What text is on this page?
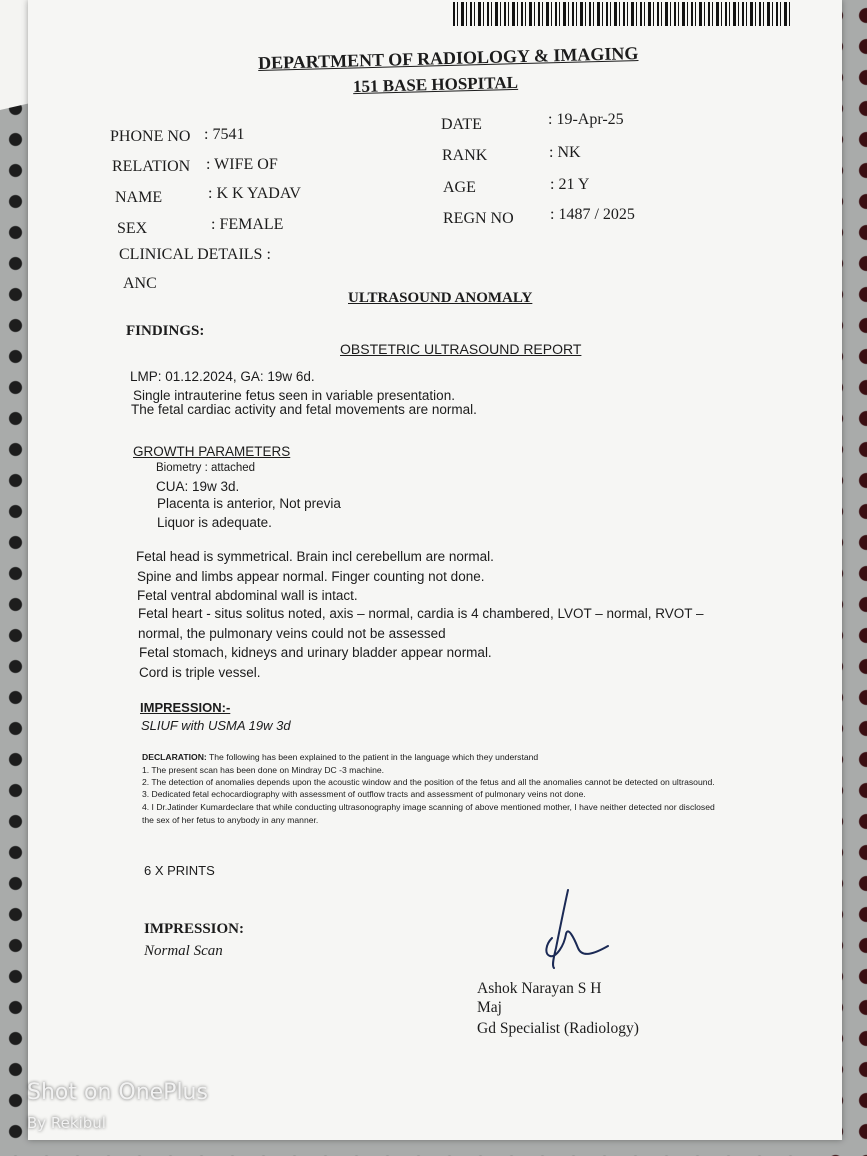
DEPARTMENT OF RADIOLOGY & IMAGING
151 BASE HOSPITAL
PHONE NO : 7541
RELATION : WIFE OF
NAME	: K K YADAV
SEX	: FEMALE
CLINICAL DETAILS :
ANC
DATE	: 19-Apr-25
RANK	: NK
AGE	: 21 Y
REGN NO : 1487 / 2025
ULTRASOUND ANOMALY
FINDINGS:
OBSTETRIC ULTRASOUND REPORT
LMP: 01.12.2024, GA: 19w 6d.
Single intrauterine fetus seen in variable presentation.
The fetal cardiac activity and fetal movements are normal.
GROWTH PARAMETERS
Biometry : attached
CUA: 19w 3d.
Placenta is anterior, Not previa
Liquor is adequate.
Fetal head is symmetrical. Brain incl cerebellum are normal.
Spine and limbs appear normal. Finger counting not done.
Fetal ventral abdominal wall is intact.
Fetal heart - situs solitus noted, axis – normal, cardia is 4 chambered, LVOT – normal, RVOT –
normal, the pulmonary veins could not be assessed
Fetal stomach, kidneys and urinary bladder appear normal.
Cord is triple vessel.
IMPRESSION:-
SLIUF with USMA 19w 3d
DECLARATION: The following has been explained to the patient in the language which they understand
1. The present scan has been done on Mindray DC -3 machine.
2. The detection of anomalies depends upon the acoustic window and the position of the fetus and all the anomalies cannot be detected on ultrasound.
3. Dedicated fetal echocardiography with assessment of outflow tracts and assessment of pulmonary veins not done.
4. I Dr.Jatinder Kumardeclare that while conducting ultrasonography image scanning of above mentioned mother, I have neither detected nor disclosed
the sex of her fetus to anybody in any manner.
6 X PRINTS
IMPRESSION:
Normal Scan
Ashok Narayan S H
Maj
Gd Specialist (Radiology)
Shot on OnePlus
By Rekibul
